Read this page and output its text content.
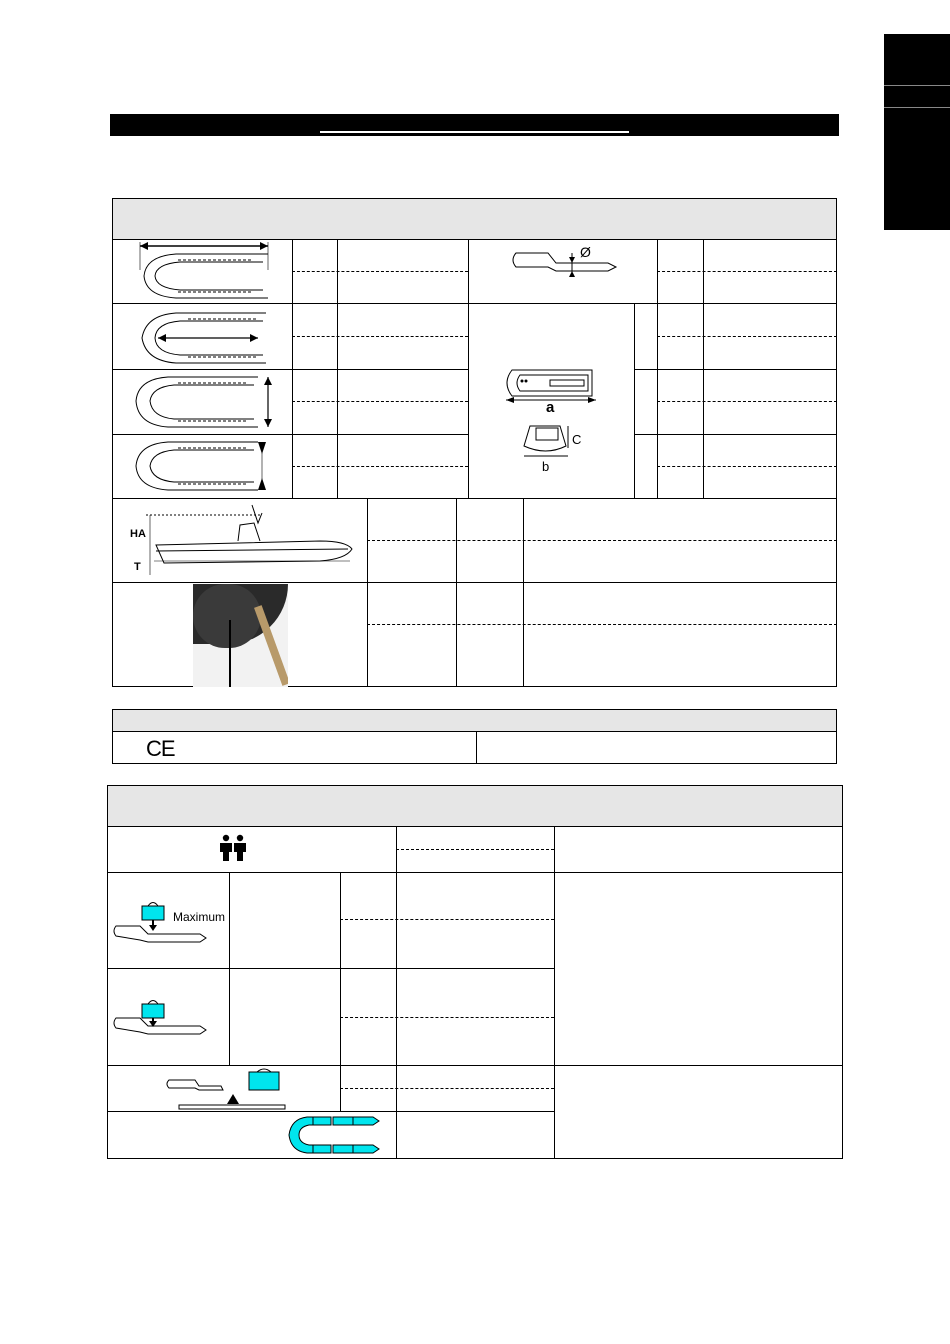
Ø
a
C
b
HA
T
CE
Maximum
